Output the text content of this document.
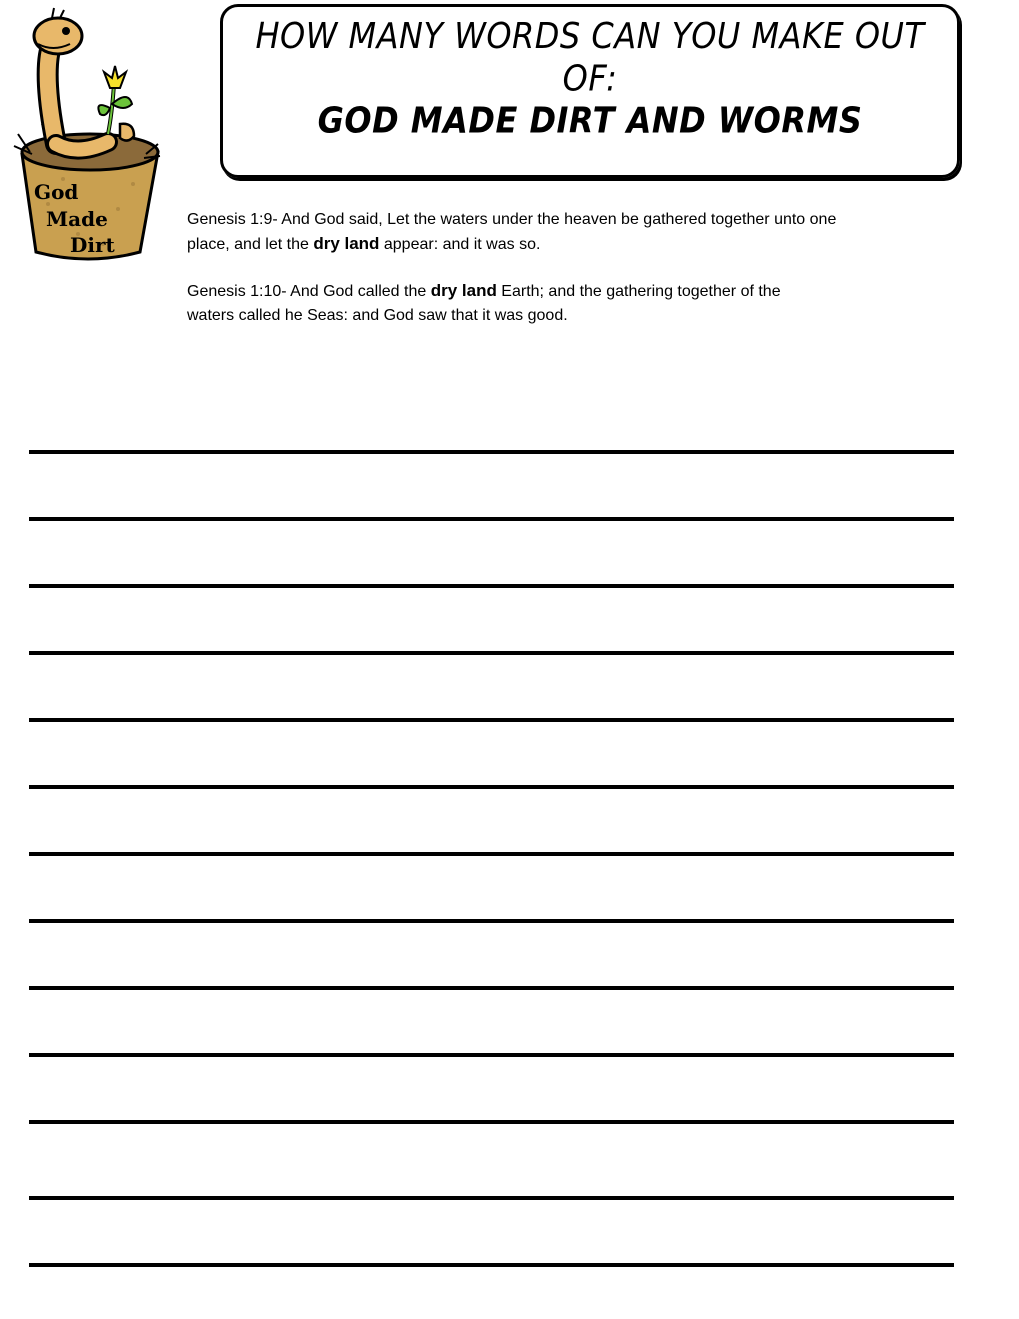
God
Made
Dirt
HOW MANY WORDS CAN YOU MAKE OUT OF:
GOD MADE DIRT AND WORMS

Genesis 1:9- And God said, Let the waters under the heaven be gathered together unto one
place, and let the dry land appear: and it was so.

Genesis 1:10- And God called the dry land Earth; and the gathering together of the
waters called he Seas: and God saw that it was good.
